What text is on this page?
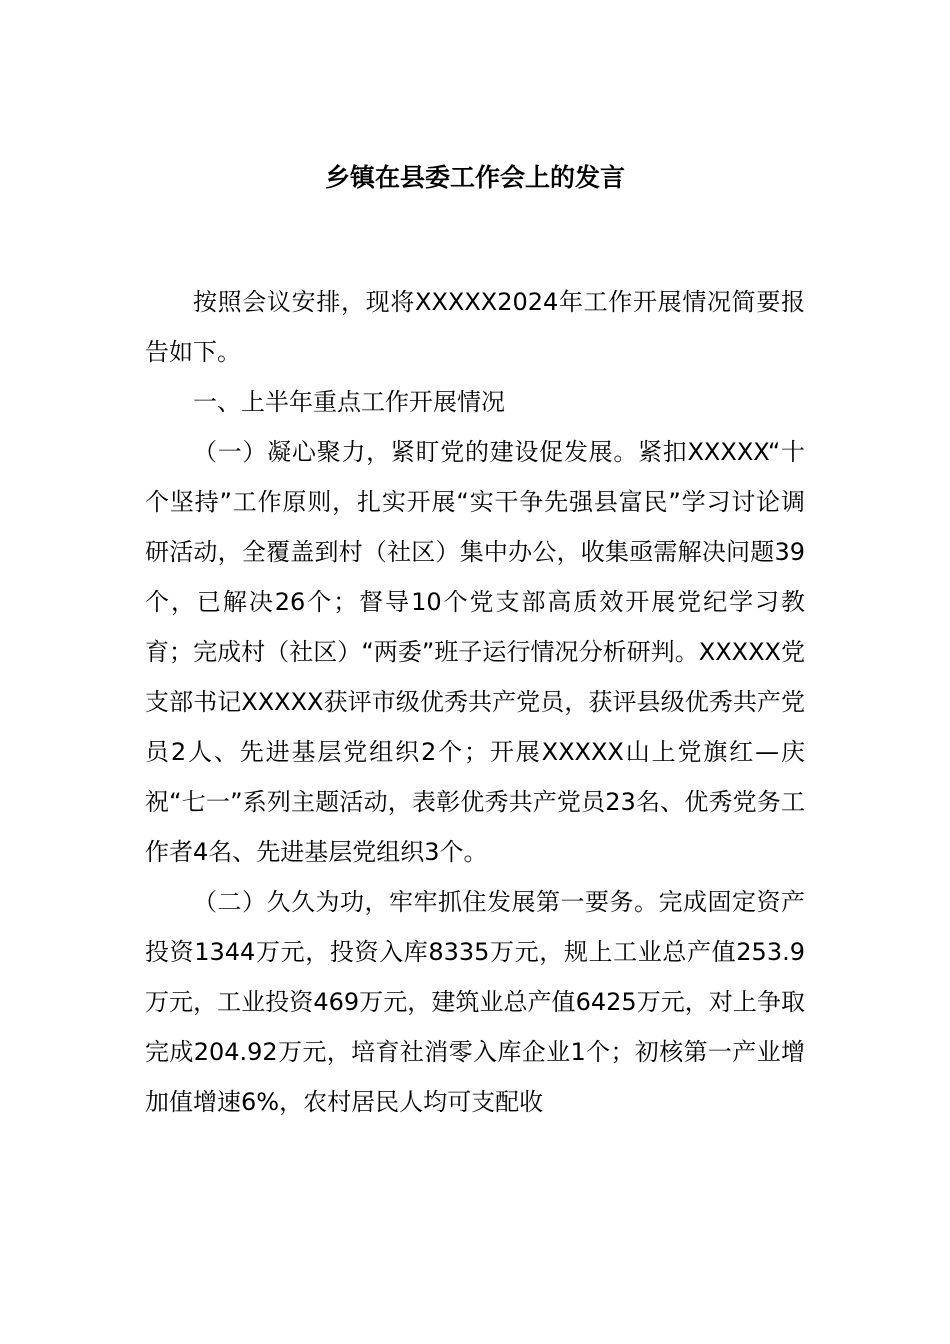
乡镇在县委工作会上的发言

按照会议安排，现将XXXXX2024年工作开展情况简要报告如下。

一、上半年重点工作开展情况

（一）凝心聚力，紧盯党的建设促发展。紧扣XXXXX“十个坚持”工作原则，扎实开展“实干争先强县富民”学习讨论调研活动，全覆盖到村（社区）集中办公，收集亟需解决问题39个，已解决26个；督导10个党支部高质效开展党纪学习教育；完成村（社区）“两委”班子运行情况分析研判。XXXXX党支部书记XXXXX获评市级优秀共产党员，获评县级优秀共产党员2人、先进基层党组织2个；开展XXXXX山上党旗红—庆祝“七一”系列主题活动，表彰优秀共产党员23名、优秀党务工作者4名、先进基层党组织3个。

（二）久久为功，牢牢抓住发展第一要务。完成固定资产投资1344万元，投资入库8335万元，规上工业总产值253.9万元，工业投资469万元，建筑业总产值6425万元，对上争取完成204.92万元，培育社消零入库企业1个；初核第一产业增加值增速6%，农村居民人均可支配收
